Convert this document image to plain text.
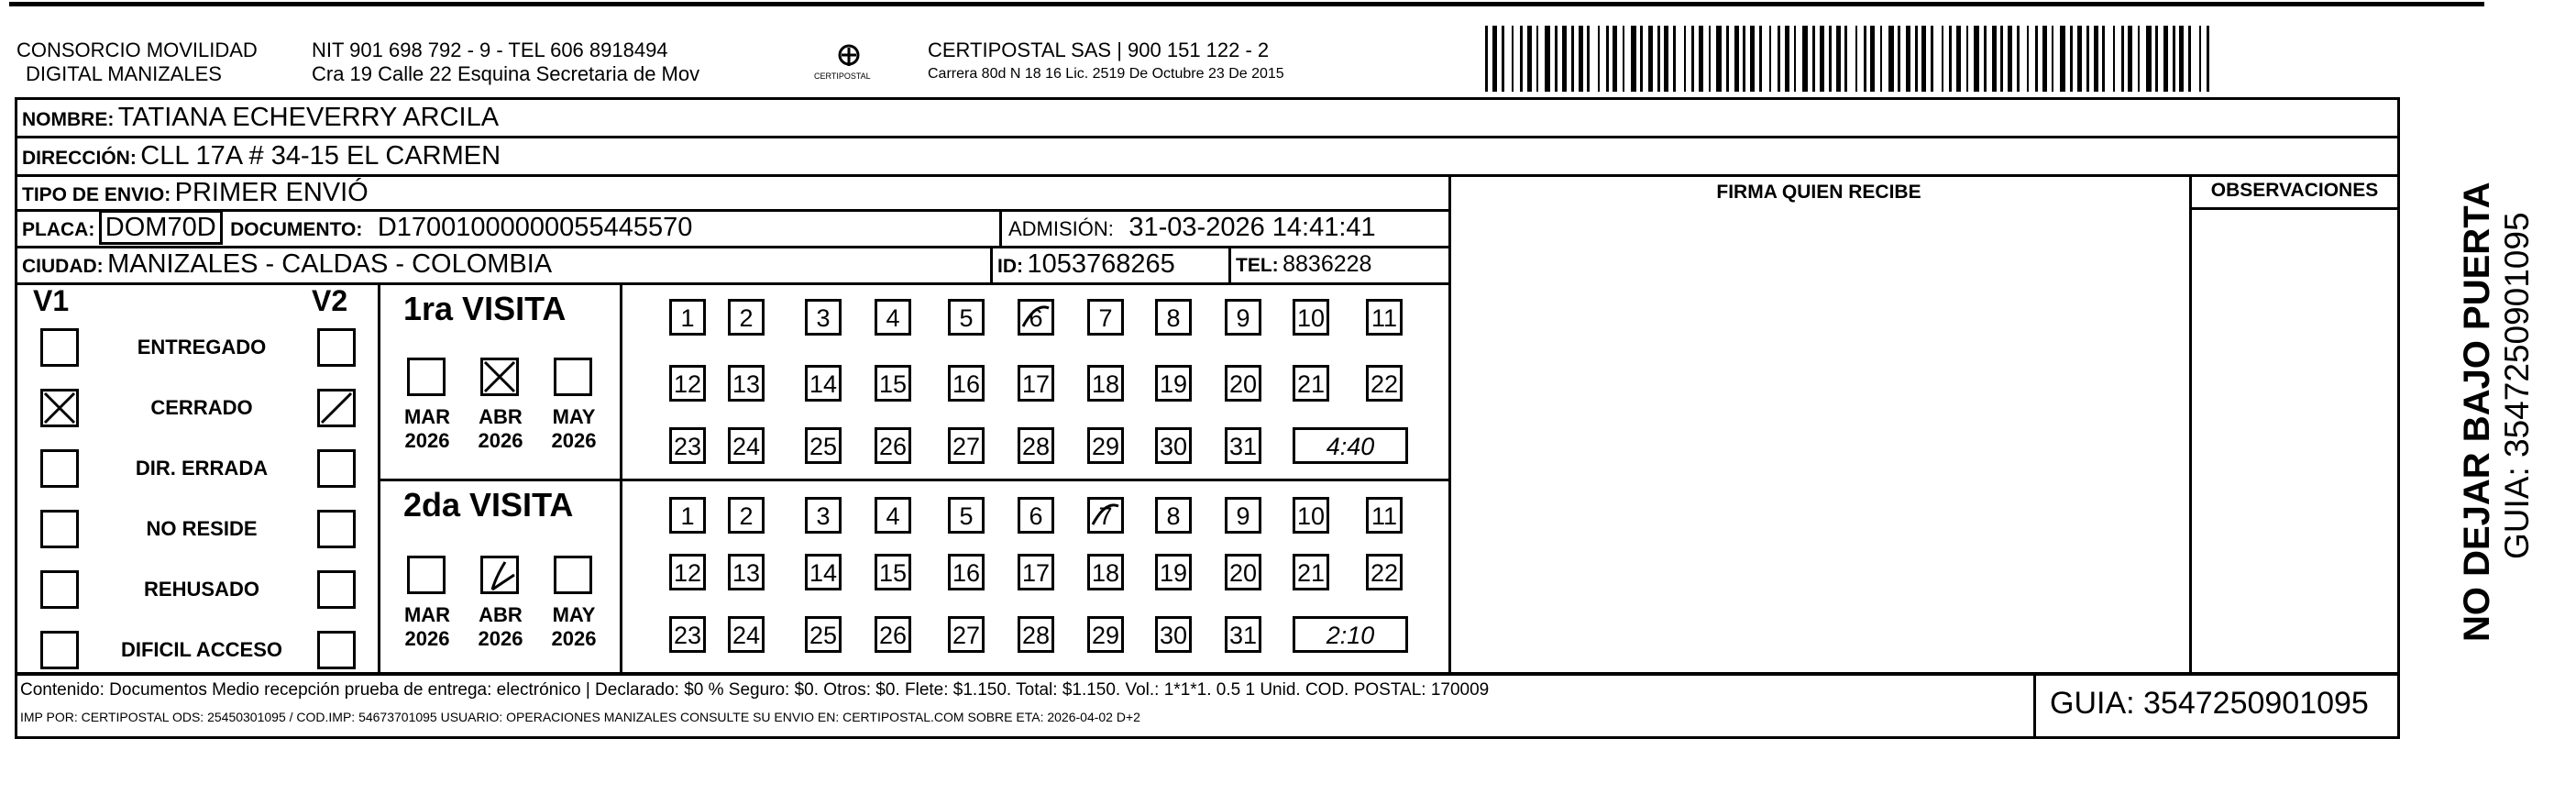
CONSORCIO MOVILIDAD
DIGITAL MANIZALES
NIT 901 698 792 - 9 - TEL 606 8918494
Cra 19 Calle 22 Esquina Secretaria de Mov	CERTIPOSTAL
CERTIPOSTAL SAS | 900 151 122 - 2
Carrera 80d N 18 16 Lic. 2519 De Octubre 23 De 2015
NOMBRE: TATIANA ECHEVERRY ARCILA
DIRECCIÓN: CLL 17A # 34-15 EL CARMEN
TIPO DE ENVIO: PRIMER ENVIÓ
PLACA: DOM70D DOCUMENTO: D17001000000055445570	ADMISIÓN: 31-03-2026 14:41:41
CIUDAD: MANIZALES - CALDAS - COLOMBIA	ID: 1053768265	TEL: 8836228
FIRMA QUIEN RECIBE	OBSERVACIONES
V1	V2
ENTREGADO
CERRADO
DIR. ERRADA
NO RESIDE
REHUSADO
DIFICIL ACCESO
1ra VISITA
2da VISITA
MAR
2026
ABR
2026
MAY
2026
MAR
2026
ABR
2026
MAY
2026
1	2	3	4	5	6	7	8	9	10 11
12 13 14 15 16 17 18 19 20 21 22
23 24 25 26 27 28 29 30 31	4:40
1	2	3	4	5	6	7	8	9	10 11
12 13 14 15 16 17 18 19 20 21 22
23 24 25 26 27 28 29 30 31	2:10
Contenido: Documentos Medio recepción prueba de entrega: electrónico | Declarado: $0 % Seguro: $0. Otros: $0. Flete: $1.150. Total: $1.150. Vol.: 1*1*1. 0.5 1 Unid. COD. POSTAL: 170009
IMP POR: CERTIPOSTAL ODS: 25450301095 / COD.IMP: 54673701095 USUARIO: OPERACIONES MANIZALES CONSULTE SU ENVIO EN: CERTIPOSTAL.COM SOBRE ETA: 2026-04-02 D+2	GUIA: 3547250901095
NO DEJAR BAJO PUERTA GUIA: 3547250901095
